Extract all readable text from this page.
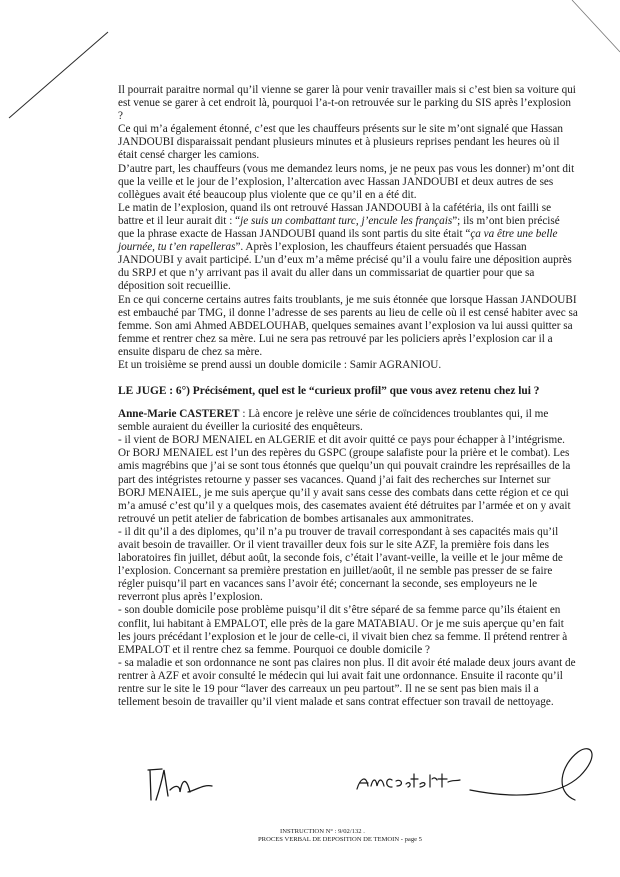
Il pourrait paraitre normal qu’il vienne se garer là pour venir travailler mais si c’est bien sa voiture qui est venue se garer à cet endroit là, pourquoi l’a-t-on retrouvée sur le parking du SIS après l’explosion ?

Ce qui m’a également étonné, c’est que les chauffeurs présents sur le site m’ont signalé que Hassan JANDOUBI disparaissait pendant plusieurs minutes et à plusieurs reprises pendant les heures où il était censé charger les camions.

D’autre part, les chauffeurs (vous me demandez leurs noms, je ne peux pas vous les donner) m’ont dit que la veille et le jour de l’explosion, l’altercation avec Hassan JANDOUBI et deux autres de ses collègues avait été beaucoup plus violente que ce qu’il en a été dit.

Le matin de l’explosion, quand ils ont retrouvé Hassan JANDOUBI à la cafétéria, ils ont failli se battre et il leur aurait dit : “je suis un combattant turc, j’encule les français”; ils m’ont bien précisé que la phrase exacte de Hassan JANDOUBI quand ils sont partis du site était “ça va être une belle journée, tu t’en rapelleras”. Après l’explosion, les chauffeurs étaient persuadés que Hassan JANDOUBI y avait participé. L’un d’eux m’a même précisé qu’il a voulu faire une déposition auprès du SRPJ et que n’y arrivant pas il avait du aller dans un commissariat de quartier pour que sa déposition soit recueillie.

En ce qui concerne certains autres faits troublants, je me suis étonnée que lorsque Hassan JANDOUBI est embauché par TMG, il donne l’adresse de ses parents au lieu de celle où il est censé habiter avec sa femme. Son ami Ahmed ABDELOUHAB, quelques semaines avant l’explosion va lui aussi quitter sa femme et rentrer chez sa mère. Lui ne sera pas retrouvé par les policiers après l’explosion car il a ensuite disparu de chez sa mère.

Et un troisième se prend aussi un double domicile : Samir AGRANIOU.

LE JUGE : 6°) Précisément, quel est le “curieux profil” que vous avez retenu chez lui ?

Anne-Marie CASTERET : Là encore je relève une série de coïncidences troublantes qui, il me semble auraient du éveiller la curiosité des enquêteurs.

- il vient de BORJ MENAIEL en ALGERIE et dit avoir quitté ce pays pour échapper à l’intégrisme. Or BORJ MENAIEL est l’un des repères du GSPC (groupe salafiste pour la prière et le combat). Les amis magrébins que j’ai se sont tous étonnés que quelqu’un qui pouvait craindre les représailles de la part des intégristes retourne y passer ses vacances. Quand j’ai fait des recherches sur Internet sur BORJ MENAIEL, je me suis aperçue qu’il y avait sans cesse des combats dans cette région et ce qui m’a amusé c’est qu’il y a quelques mois, des casemates avaient été détruites par l’armée et on y avait retrouvé un petit atelier de fabrication de bombes artisanales aux ammonitrates.

- il dit qu’il a des diplomes, qu’il n’a pu trouver de travail correspondant à ses capacités mais qu’il avait besoin de travailler. Or il vient travailler deux fois sur le site AZF, la première fois dans les laboratoires fin juillet, début août, la seconde fois, c’était l’avant-veille, la veille et le jour même de l’explosion. Concernant sa première prestation en juillet/août, il ne semble pas presser de se faire régler puisqu’il part en vacances sans l’avoir été; concernant la seconde, ses employeurs ne le reverront plus après l’explosion.

- son double domicile pose problème puisqu’il dit s’être séparé de sa femme parce qu’ils étaient en conflit, lui habitant à EMPALOT, elle près de la gare MATABIAU. Or je me suis aperçue qu’en fait les jours précédant l’explosion et le jour de celle-ci, il vivait bien chez sa femme. Il prétend rentrer à EMPALOT et il rentre chez sa femme. Pourquoi ce double domicile ?

- sa maladie et son ordonnance ne sont pas claires non plus. Il dit avoir été malade deux jours avant de rentrer à AZF et avoir consulté le médecin qui lui avait fait une ordonnance. Ensuite il raconte qu’il rentre sur le site le 19 pour “laver des carreaux un peu partout”. Il ne se sent pas bien mais il a tellement besoin de travailler qu’il vient malade et sans contrat effectuer son travail de nettoyage.

INSTRUCTION N° : 9/02/132 .
PROCES VERBAL DE DEPOSITION DE TEMOIN - page 5
